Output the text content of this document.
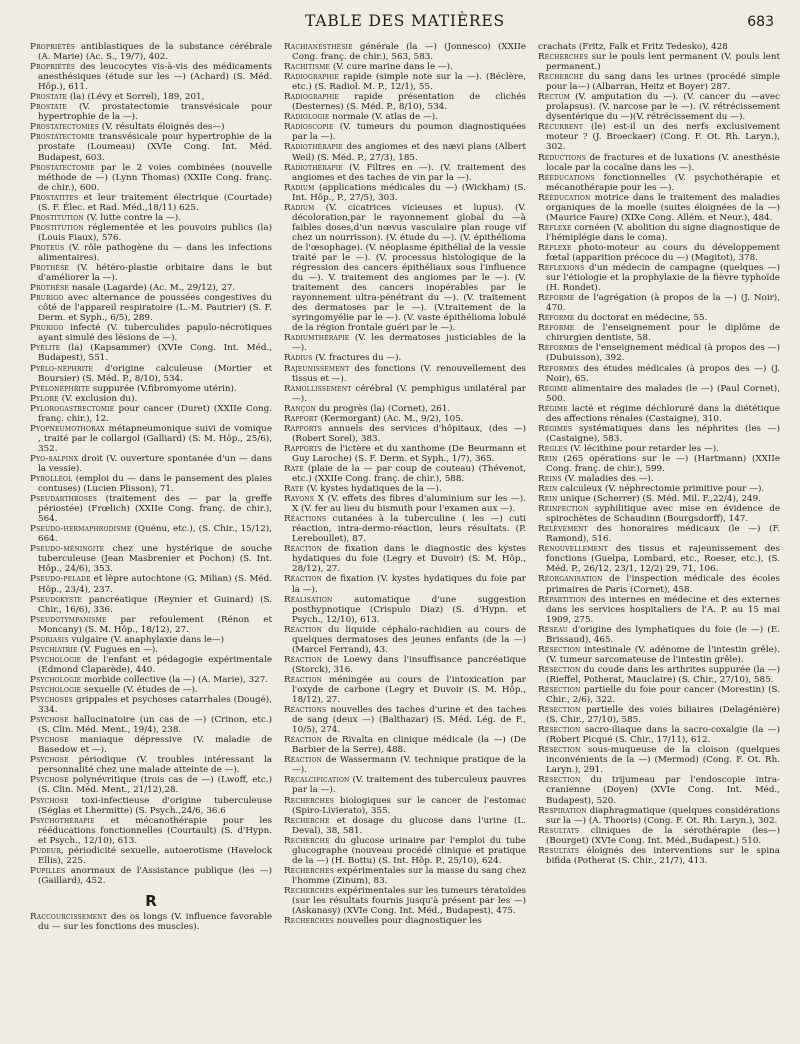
TABLE DES MATIÈRES	683

Propriétés antiblastiques de la substance cérébrale (A. Marie) (Ac. S., 19/7), 402.

Propriétés des leucocytes vis-à-vis des médicaments anesthésiques (étude sur les —) (Achard) (S. Méd. Hôp.), 611.

Prostate (la) (Lévy et Sorrel), 189, 201,

Prostate (V. prostatectomie transvésicale pour hypertrophie de la —).

Prostatectomies (V. résultats éloignés des—)

Prostatectomie transvésicale pour hypertrophie de la prostate (Loumeau) (XVIe Cong. Int. Méd. Budapest, 603.

Prostatectomie par le 2 voies combinées (nouvelle méthode de —) (Lynn Thomas) (XXIIe Cong. franç. de chir.), 600.

Prostatites et leur traitement électrique (Courtade) (S. F. Élec. et Rad. Méd.,18/11) 625.

Prostitution (V. lutte contre la —).

Prostitution réglementée et les pouvoirs publics (la) (Louis Fiaux), 576.

Proteus (V. rôle pathogène du — dans les infections alimentaires).

Prothèse (V. hétéro-plastie orbitaire dans le but d'améliorer la —).

Prothèse nasale (Lagarde) (Ac. M., 29/12), 27.

Prurigo avec alternance de poussées congestives du côté de l'appareil respiratoire (L.-M. Pautrier) (S. F. Derm. et Syph., 6/5), 289.

Prurigo infecté (V. tuberculides papulo-nécrotiques ayant simulé des lésions de —).

Pyélite (la) (Kapsammer) (XVIe Cong. Int. Méd., Budapest), 551.

Pyélo-néphrite d'origine calculeuse (Mortier et Boursier) (S. Méd. P., 8/10), 534.

Pyélonéphrite suppurée (V.fibromyome utérin).

Pylore (V. exclusion du).

Pylorogastrectomie pour cancer (Duret) (XXIIe Cong. franç. chir.), 12.

Pyopneumothorax métapneumonique suivi de vomique , traité par le collargol (Galliard) (S. M. Hôp., 25/6), 352.

Pyo-salpinx droit (V. ouverture spontanée d'un — dans la vessie).

Pyrolléol (emploi du — dans le pansement des plaies contuses) (Lucien Plisson), 71.

Pseudarthroses (traitement des — par la greffe périostée) (Frœlich) (XXIIe Cong. franç. de chir.), 564.

Pseudo-hermaphrodisme (Quénu, etc.), (S. Chir., 15/12), 664.

Pseudo-méningite chez une hystérique de souche tuberculeuse (Jean Masbrenier et Pochon) (S. Int. Hôp., 24/6), 353.

Pseudo-pelade et lèpre autochtone (G. Milian) (S. Méd. Hôp., 23/4), 237.

Pseudokyste pancréatique (Reynier et Guinard) (S. Chir., 16/6), 336.

Pseudotympanisme par refoulement (Rénon et Moncany) (S. M. Hôp., 18/12), 27.

Psoriasis vulgaire (V. anaphylaxie dans le—)

Psychiatrie (V. Fugues en —).

Psychologie de l'enfant et pédagogie expérimentale (Edmond Claparède), 440.

Psychologie morbide collective (la —) (A. Marie), 327.

Psychologie sexuelle (V. études de —).

Psychoses grippales et psychoses catarrhales (Dougé), 334.

Psychose hallucinatoire (un cas de —) (Crinon, etc.) (S. Clin. Méd. Ment., 19/4), 238.

Psychose maniaque dépressive (V. maladie de Basedow et —).

Psychose périodique (V. troubles intéressant la personnalité chez une malade atteinte de —).

Psychose polynévritique (trois cas de —) (Lwoff, etc.) (S. Clin. Méd. Ment., 21/12),28.

Psychose toxi-infectieuse d'origine tuberculeuse (Séglas et Lhermitte) (S. Psych.,24/6, 36.6

Psychothérapie et mécanothérapie pour les rééducations fonctionnelles (Courtault) (S. d'Hypn. et Psych., 12/10), 613.

Pudeur, périodicité sexuelle, autoerotisme (Havelock Ellis), 225.

Pupilles anormaux de l'Assistance publique (les —) (Gaillard), 452.

R

Raccourcissement des os longs (V. influence favorable du — sur les fonctions des muscles).

Rachianesthésie générale (la —) (Jonnesco) (XXIIe Cong. franç. de chir.), 563, 583.

Rachitisme (V. cure marine dans le —).

Radiographie rapide (simple note sur la —). (Béclère, etc.) (S. Radiol. M. P., 12/1), 55.

Radiographie rapide présentation de clichés (Desternes) (S. Méd. P., 8/10), 534.

Radiologie normale (V. atlas de —).

Radioscopie (V. tumeurs du poumon diagnostiquées par la —).

Radiothérapie des angiomes et des nævi plans (Albert Weil) (S. Méd. P., 27/3), 185.

Radiothérapie (V. Filtres en —). (V. traitement des angiomes et des taches de vin par la —).

Radium (applications médicales du —) (Wickham) (S. Int. Hôp., P., 27/5), 303.

Radium (V. cicatrices vicieuses et lupus). (V. décoloration,par le rayonnement global du —à faibles doses,d'un nœvus vasculaire plan rouge vif chez un nourrisson). (V. étude du —). (V. épithélioma de l'œsophage). (V. néoplasme épithélial de la vessie traité par le —). (V. processus histologique de la régression des cancers épithéliaux sous l'influence du —). V. traitement des angiomes par le —). (V. traitement des cancers inopérables par le rayonnement ultra-pénétrant du —). (V. traitement des dermatoses par le —). (V.traitement de la syringomyélie par le —). (V. vaste épithélioma lobulé de la région frontale guéri par le —).

Radiumthérapie (V. les dermatoses justiciables de la —).

Radius (V. fractures du —).

Rajeunissement des fonctions (V. renouvellement des tissus et —).

Ramollissement cérébral (V. pemphigus unilatéral par —).

Rançon du progrès (la) (Cornet), 261.

Rapport (Kermorgant) (Ac. M., 9/2), 105.

Rapports annuels des services d'hôpitaux, (des —) (Robert Sorel), 383.

Rapports de l'ictère et du xanthome (De Beurmann et Guy Laroche) (S. F. Derm. et Syph., 1/7), 365.

Rate (plaie de la — par coup de couteau) (Thévenot, etc.) (XXIIe Cong. franç. de chir.), 588.

Rate (V. kystes hydatiques de la —).

Rayons X (V. effets des fibres d'aluminium sur les —). X (V. fer au lieu du bismuth pour l'examen aux —).

Réactions cutanées à la tuberculine ( les —) cuti réaction, intra-dermo-réaction, leurs résultats. (P. Lereboullet), 87.

Réaction de fixation dans le diagnostic des kystes hydatiques du foie (Legry et Duvoir) (S. M. Hôp., 28/12), 27.

Réaction de fixation (V. kystes hydatiques du foie par la —).

Réalisation automatique d'une suggestion posthypnotique (Crispulo Diaz) (S. d'Hypn. et Psych., 12/10), 613.

Réaction du liquide céphalo-rachidien au cours de quelques dermatoses des jeunes enfants (de la —) (Marcel Ferrand), 43.

Réaction de Loewy dans l'insuffisance pancréatique (Storck), 316.

Réaction méningée au cours de l'intoxication par l'oxyde de carbone (Legry et Duvoir (S. M. Hôp., 18/12), 27.

Réactions nouvelles des taches d'urine et des taches de sang (deux —) (Balthazar) (S. Méd. Lég. de F., 10/5), 274.

Réaction de Rivalta en clinique médicale (la —) (De Barbier de la Serre), 488.

Réaction de Wassermann (V. technique pratique de la —).

Recalcification (V. traitement des tuberculeux pauvres par la —).

Recherches biologiques sur le cancer de l'estomac (Spiro-Livierato), 355.

Recherche et dosage du glucose dans l'urine (L. Deval), 38, 581.

Recherche du glucose urinaire par l'emploi du tube glucographe (nouveau procédé clinique et pratique de la —) (H. Bottu) (S. Int. Hôp. P., 25/10), 624.

Recherches expérimentales sur la masse du sang chez l'homme (Zinum), 83.

Recherches expérimentales sur les tumeurs tératoïdes (sur les résultats fournis jusqu'à présent par les —) (Askanasy) (XVIe Cong. Int. Méd., Budapest), 475.

Recherches nouvelles pour diagnostiquer les

crachats (Fritz, Falk et Fritz Tedesko), 428

Recherches sur le pouls lent permanent (V. pouls lent permanent.)

Recherche du sang dans les urines (procédé simple pour la—) (Albarran, Heitz et Boyer) 287.

Rectum (V. amputation du —). (V. cancer du —avec prolapsus). (V. narcose par le —). (V. rétrécissement dysentérique du —)(V. rétrécissement du —).

Récurrent (le) est-il un des nerfs exclusivement moteur ? (J. Broeckaer) (Cong. F. Ot. Rh. Laryn.), 302.

Réductions de fractures et de luxations (V. anesthésie locale par la cocaïne dans les —).

Rééducations fonctionnelles (V. psychothérapie et mécanothérapie pour les —).

Rééducation motrice dans le traitement des maladies organiques de la moelle (suites éloignées de la —) (Maurice Faure) (XIXe Cong. Allém. et Neur.), 484.

Réflexe cornéen (V. abolition du signe diagnostique de l'hémiplégie dans le coma).

Réflexe photo-moteur au cours du développement fœtal (apparition précoce du —) (Magitot), 378.

Réflexions d'un médecin de campagne (quelques —) sur l'étiologie et la prophylaxie de la fièvre typhoïde (H. Rondet).

Réforme de l'agrégation (à propos de la —) (J. Noir), 470.

Réforme du doctorat en médecine, 55.

Réforme de l'enseignement pour le diplôme de chirurgien dentiste, 58.

Réformes de l'enseignement médical (à propos des —) (Dubuisson), 392.

Réformes des études médicales (à propos des —) (J. Noir), 65.

Régime alimentaire des malades (le —) (Paul Cornet), 500.

Régime lacté et régime déchloruré dans la diététique des affections rénales (Castaigne), 310.

Régimes systématiques dans les néphrites (les —) (Castaigne), 583.

Règles (V. lécithine pour retarder les —).

Rein (265 opérations sur le —) (Hartmann) (XXIIe Cong. franç. de chir.), 599.

Reins (V. maladies des —).

Rein calculeux (V. néphrectomie primitive pour —).

Rein unique (Scherrer) (S. Méd. Mil. F.,22/4), 249.

Réinfection syphilitique avec mise en évidence de spirochètes de Schaudinn (Bourgsdorff), 147.

Relèvement des honoraires médicaux (le —) (F. Ramond), 516.

Renouvellement des tissus et rajeunissement des fonctions (Guelpa, Lombard, etc., Roeser, etc.), (S. Méd. P., 26/12, 23/1, 12/2) 29, 71, 106.

Réorganisation de l'inspection médicale des écoles primaires de Paris (Cornet), 458.

Répartition des internes en médecine et des externes dans les services hospitaliers de l'A. P. au 15 mai 1909, 275.

Réseau d'origine des lymphatiques du foie (le —) (E. Brissaud), 465.

Résection intestinale (V. adénome de l'intestin grêle). (V. tumeur sarcomateuse de l'intestin grêle).

Résection du coude dans les arthrites suppurée (la —) (Rieffel, Potherat, Mauclaire) (S. Chir., 27/10), 585.

Résection partielle du foie pour cancer (Morestin) (S. Chir., 2/6), 322.

Résection partielle des voies biliaires (Delagénière) (S. Chir., 27/10), 585.

Résection sacro-iliaque dans la sacro-coxalgie (la —) (Robert Picqué (S. Chir., 17/11), 612.

Résection sous-muqueuse de la cloison (quelques inconvénients de la —) (Mermod) (Cong. F. Ot. Rh. Laryn.), 291.

Résection du trijumeau par l'endoscopie intra-cranienne (Doyen) (XVIe Cong. Int. Méd., Budapest), 520.

Respiration diaphragmatique (quelques considérations sur la —) (A. Thooris) (Cong. F. Ot. Rh. Laryn.), 302.

Résultats cliniques de la sérothérapie (les—) (Bourget) (XVIe Cong. Int. Méd.,Budapest.) 510.

Résultats éloignés des interventions sur le spina bifida (Potherat (S. Chir., 21/7), 413.
